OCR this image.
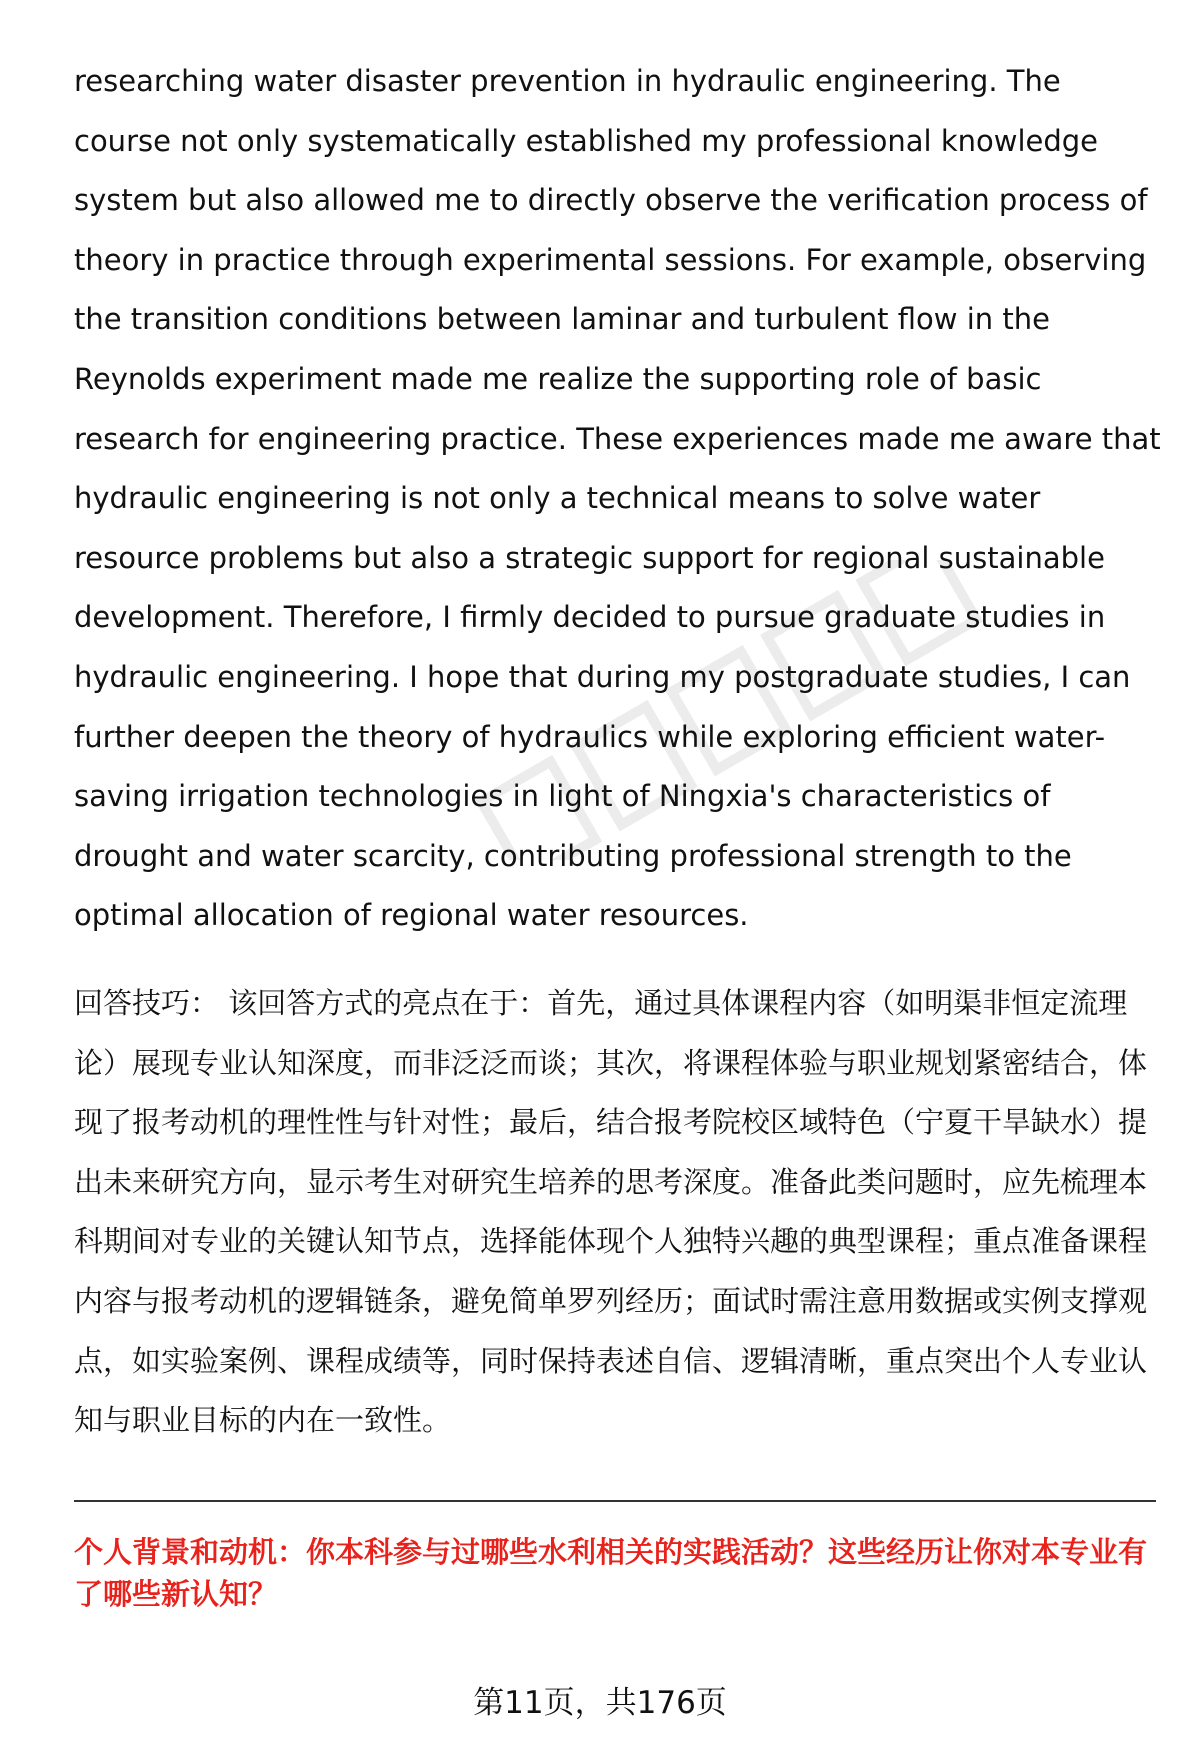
researching water disaster prevention in hydraulic engineering. The course not only systematically established my professional knowledge system but also allowed me to directly observe the verification process of theory in practice through experimental sessions. For example, observing the transition conditions between laminar and turbulent flow in the Reynolds experiment made me realize the supporting role of basic research for engineering practice. These experiences made me aware that hydraulic engineering is not only a technical means to solve water resource problems but also a strategic support for regional sustainable development. Therefore, I firmly decided to pursue graduate studies in hydraulic engineering. I hope that during my postgraduate studies, I can further deepen the theory of hydraulics while exploring efficient water-saving irrigation technologies in light of Ningxia's characteristics of drought and water scarcity, contributing professional strength to the optimal allocation of regional water resources.

回答技巧： 该回答方式的亮点在于：首先，通过具体课程内容（如明渠非恒定流理论）展现专业认知深度，而非泛泛而谈；其次，将课程体验与职业规划紧密结合，体现了报考动机的理性性与针对性；最后，结合报考院校区域特色（宁夏干旱缺水）提出未来研究方向，显示考生对研究生培养的思考深度。准备此类问题时，应先梳理本科期间对专业的关键认知节点，选择能体现个人独特兴趣的典型课程；重点准备课程内容与报考动机的逻辑链条，避免简单罗列经历；面试时需注意用数据或实例支撑观点，如实验案例、课程成绩等，同时保持表述自信、逻辑清晰，重点突出个人专业认知与职业目标的内在一致性。

个人背景和动机：你本科参与过哪些水利相关的实践活动？这些经历让你对本专业有了哪些新认知？

第11页，共176页
